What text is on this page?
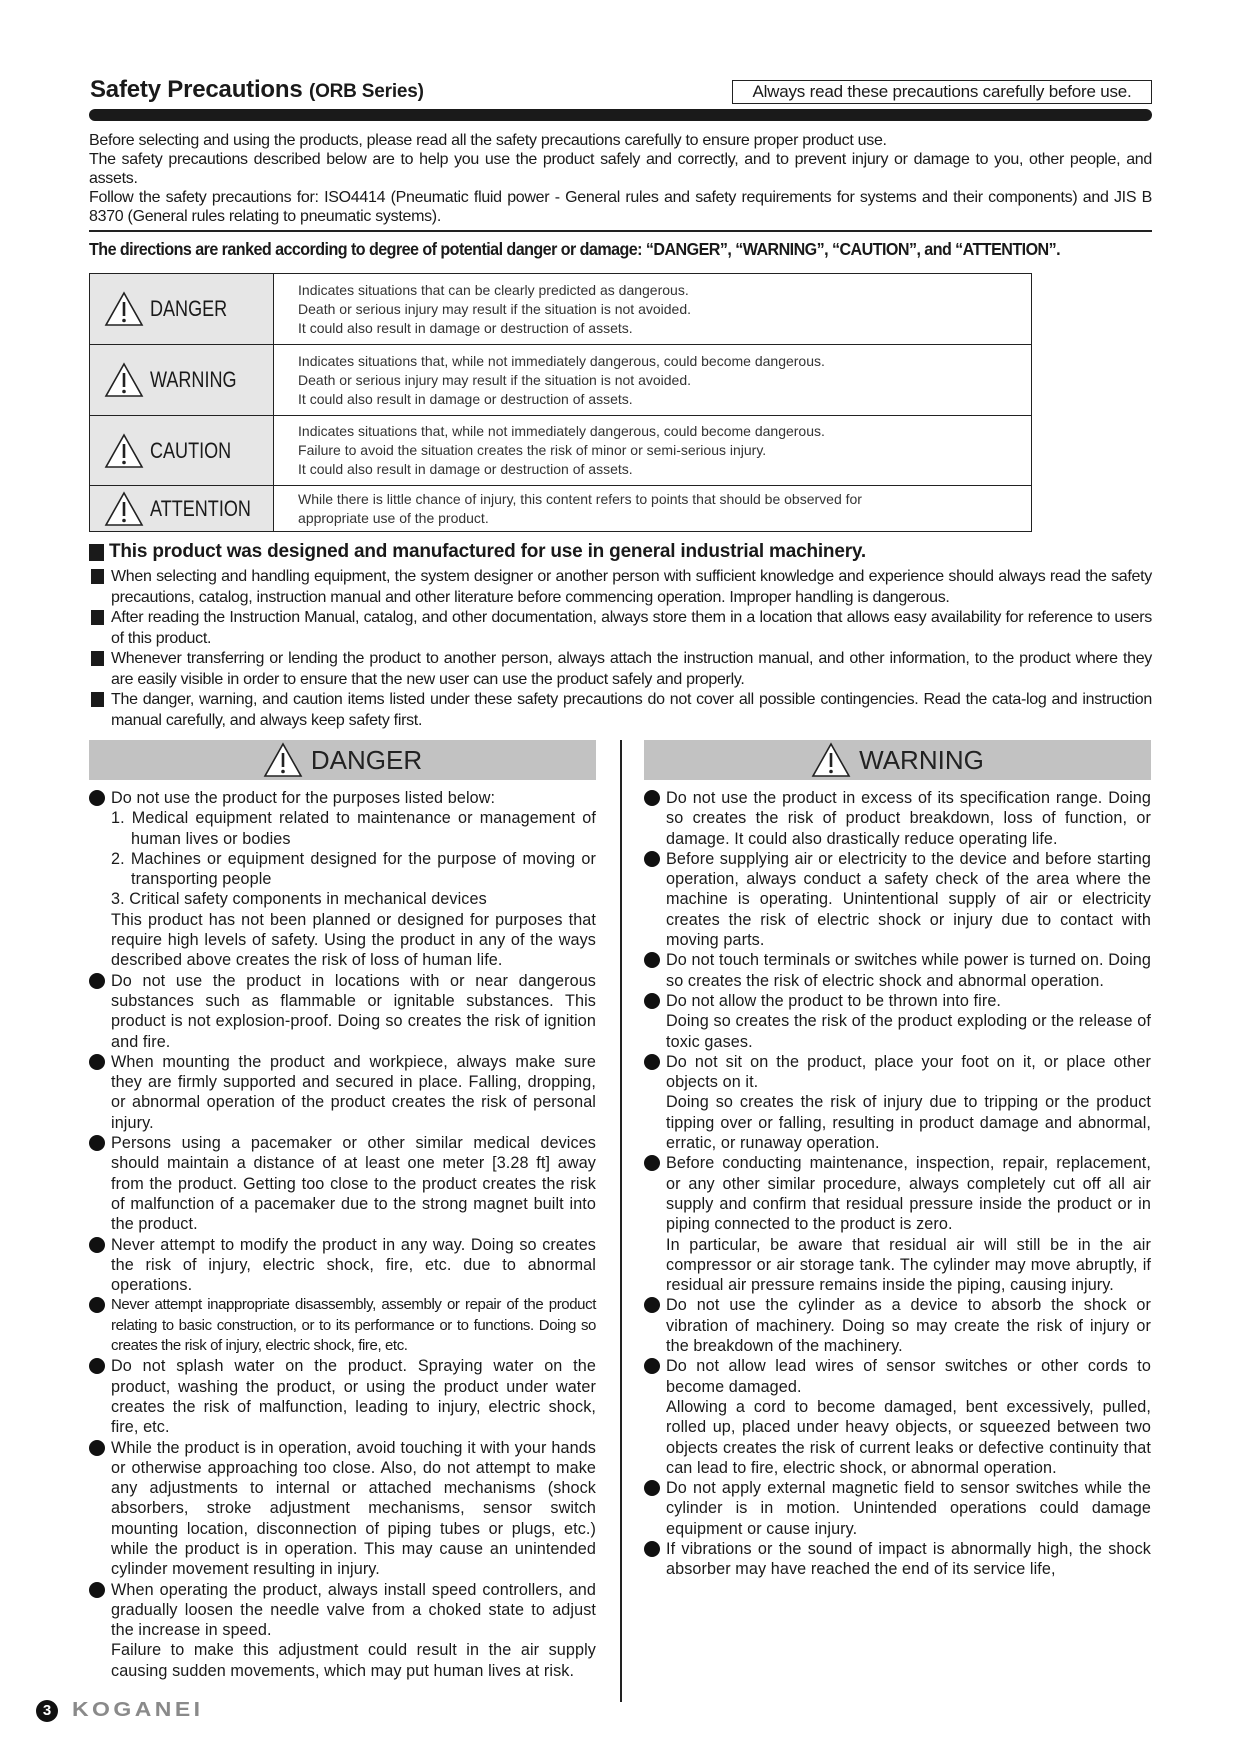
Safety Precautions (ORB Series)	Always read these precautions carefully before use.

Before selecting and using the products, please read all the safety precautions carefully to ensure proper product use.

The safety precautions described below are to help you use the product safely and correctly, and to prevent injury or damage to you, other people, and assets.

Follow the safety precautions for: ISO4414 (Pneumatic fluid power - General rules and safety requirements for systems and their components) and JIS B 8370 (General rules relating to pneumatic systems).

The directions are ranked according to degree of potential danger or damage: “DANGER”, “WARNING”, “CAUTION”, and “ATTENTION”.
DANGER	Indicates situations that can be clearly predicted as dangerous.
Death or serious injury may result if the situation is not avoided.
It could also result in damage or destruction of assets.

WARNING	Indicates situations that, while not immediately dangerous, could become dangerous.
Death or serious injury may result if the situation is not avoided.
It could also result in damage or destruction of assets.

CAUTION	Indicates situations that, while not immediately dangerous, could become dangerous.
Failure to avoid the situation creates the risk of minor or semi-serious injury.
It could also result in damage or destruction of assets.

ATTENTION	While there is little chance of injury, this content refers to points that should be observed for
appropriate use of the product.
This product was designed and manufactured for use in general industrial machinery.
When selecting and handling equipment, the system designer or another person with sufficient knowledge and experience should always read the safety precautions, catalog, instruction manual and other literature before commencing operation. Improper handling is dangerous.
After reading the Instruction Manual, catalog, and other documentation, always store them in a location that allows easy availability for reference to users of this product.
Whenever transferring or lending the product to another person, always attach the instruction manual, and other information, to the product where they are easily visible in order to ensure that the new user can use the product safely and properly.
The danger, warning, and caution items listed under these safety precautions do not cover all possible contingencies. Read the cata-log and instruction manual carefully, and always keep safety first.
DANGER

Do not use the product for the purposes listed below:

1. Medical equipment related to maintenance or management of human lives or bodies
2. Machines or equipment designed for the purpose of moving or transporting people
3. Critical safety components in mechanical devices

This product has not been planned or designed for purposes that require high levels of safety. Using the product in any of the ways described above creates the risk of loss of human life.

Do not use the product in locations with or near dangerous substances such as flammable or ignitable substances. This product is not explosion-proof. Doing so creates the risk of ignition and fire.

When mounting the product and workpiece, always make sure they are firmly supported and secured in place. Falling, dropping, or abnormal operation of the product creates the risk of personal injury.

Persons using a pacemaker or other similar medical devices should maintain a distance of at least one meter [3.28 ft] away from the product. Getting too close to the product creates the risk of malfunction of a pacemaker due to the strong magnet built into the product.

Never attempt to modify the product in any way. Doing so creates the risk of injury, electric shock, fire, etc. due to abnormal operations.

Never attempt inappropriate disassembly, assembly or repair of the product relating to basic construction, or to its performance or to functions. Doing so creates the risk of injury, electric shock, fire, etc.

Do not splash water on the product. Spraying water on the product, washing the product, or using the product under water creates the risk of malfunction, leading to injury, electric shock, fire, etc.

While the product is in operation, avoid touching it with your hands or otherwise approaching too close. Also, do not attempt to make any adjustments to internal or attached mechanisms (shock absorbers, stroke adjustment mechanisms, sensor switch mounting location, disconnection of piping tubes or plugs, etc.) while the product is in operation. This may cause an unintended cylinder movement resulting in injury.

When operating the product, always install speed controllers, and gradually loosen the needle valve from a choked state to adjust the increase in speed.

Failure to make this adjustment could result in the air supply causing sudden movements, which may put human lives at risk.

WARNING

Do not use the product in excess of its specification range. Doing so creates the risk of product breakdown, loss of function, or damage. It could also drastically reduce operating life.

Before supplying air or electricity to the device and before starting operation, always conduct a safety check of the area where the machine is operating. Unintentional supply of air or electricity creates the risk of electric shock or injury due to contact with moving parts.

Do not touch terminals or switches while power is turned on. Doing so creates the risk of electric shock and abnormal operation.

Do not allow the product to be thrown into fire.

Doing so creates the risk of the product exploding or the release of toxic gases.

Do not sit on the product, place your foot on it, or place other objects on it.

Doing so creates the risk of injury due to tripping or the product tipping over or falling, resulting in product damage and abnormal, erratic, or runaway operation.

Before conducting maintenance, inspection, repair, replacement, or any other similar procedure, always completely cut off all air supply and confirm that residual pressure inside the product or in piping connected to the product is zero.

In particular, be aware that residual air will still be in the air compressor or air storage tank. The cylinder may move abruptly, if residual air pressure remains inside the piping, causing injury.

Do not use the cylinder as a device to absorb the shock or vibration of machinery. Doing so may create the risk of injury or the breakdown of the machinery.

Do not allow lead wires of sensor switches or other cords to become damaged.

Allowing a cord to become damaged, bent excessively, pulled, rolled up, placed under heavy objects, or squeezed between two objects creates the risk of current leaks or defective continuity that can lead to fire, electric shock, or abnormal operation.

Do not apply external magnetic field to sensor switches while the cylinder is in motion. Unintended operations could damage equipment or cause injury.

If vibrations or the sound of impact is abnormally high, the shock absorber may have reached the end of its service life,

3	KOGANEI
